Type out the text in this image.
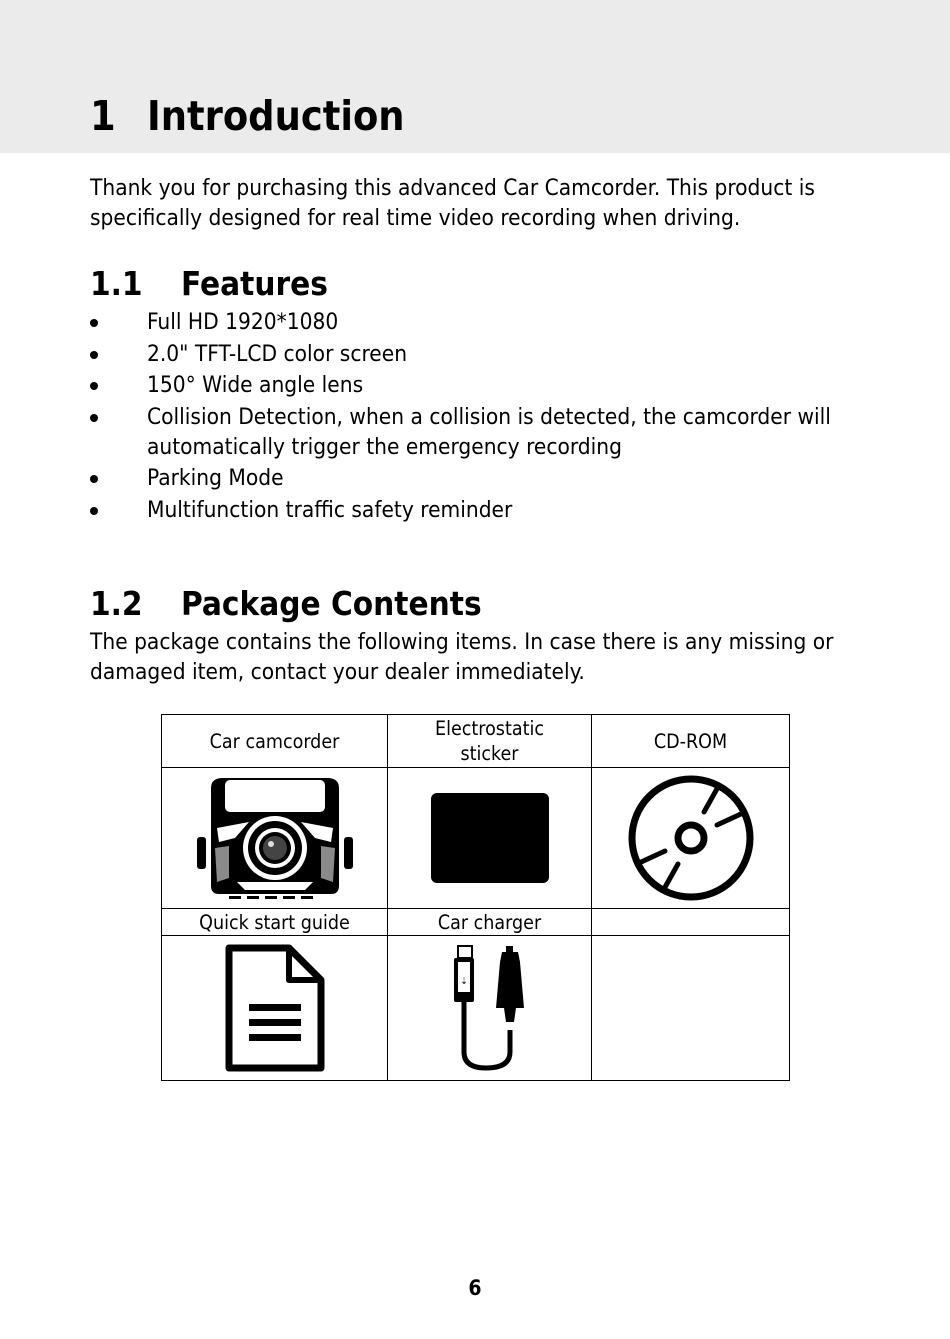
1 Introduction

Thank you for purchasing this advanced Car Camcorder. This product is specifically designed for real time video recording when driving.

1.1 Features
Full HD 1920*1080
2.0" TFT-LCD color screen
150° Wide angle lens
Collision Detection, when a collision is detected, the camcorder will automatically trigger the emergency recording
Parking Mode
Multifunction traffic safety reminder
1.2 Package Contents

The package contains the following items. In case there is any missing or damaged item, contact your dealer immediately.

Car camcorder	Electrostatic sticker	CD-ROM

Quick start guide	Car charger	

⇣	

6
